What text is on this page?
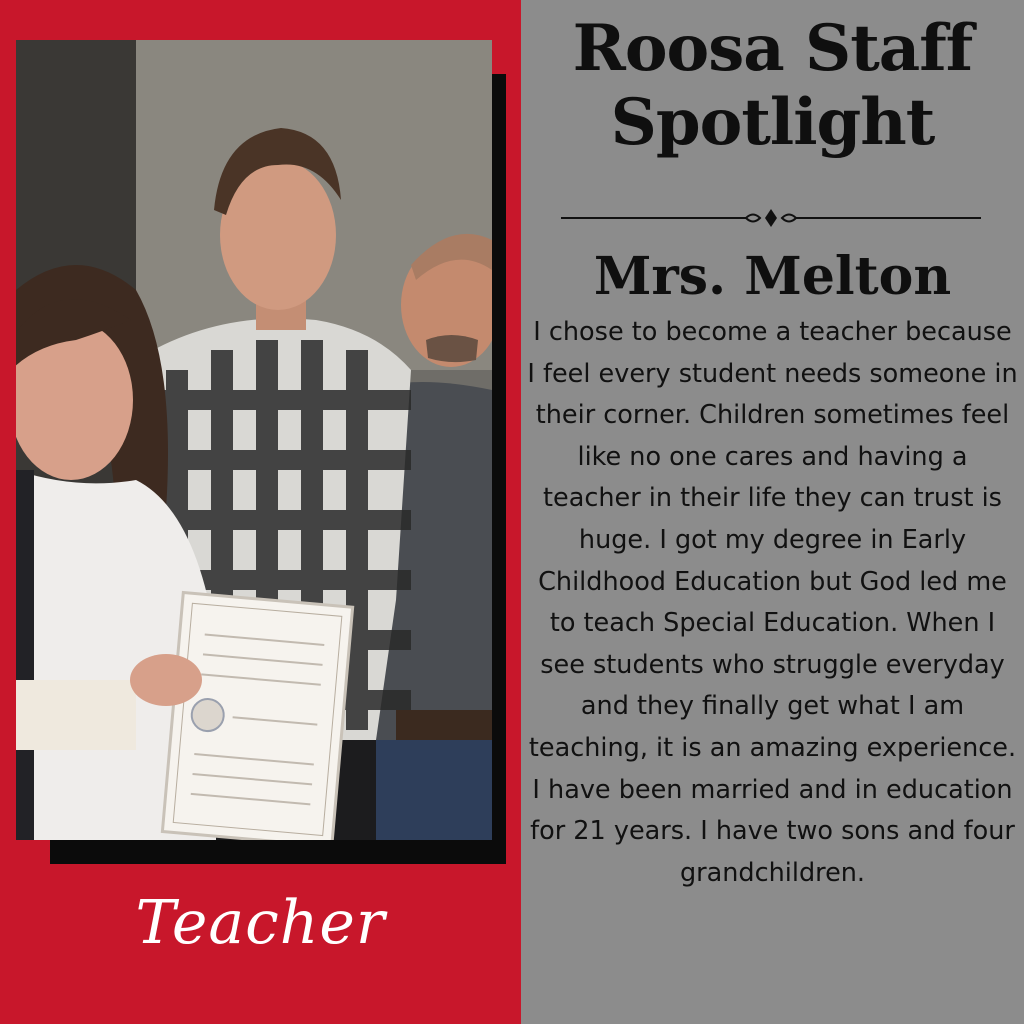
Teacher
Roosa Staff
Spotlight
Mrs. Melton

I chose to become a teacher because I feel every student needs someone in their corner. Children sometimes feel like no one cares and having a teacher in their life they can trust is huge. I got my degree in Early Childhood Education but God led me to teach Special Education. When I see students who struggle everyday and they finally get what I am teaching, it is an amazing experience. I have been married and in education for 21 years. I have two sons and four grandchildren.
